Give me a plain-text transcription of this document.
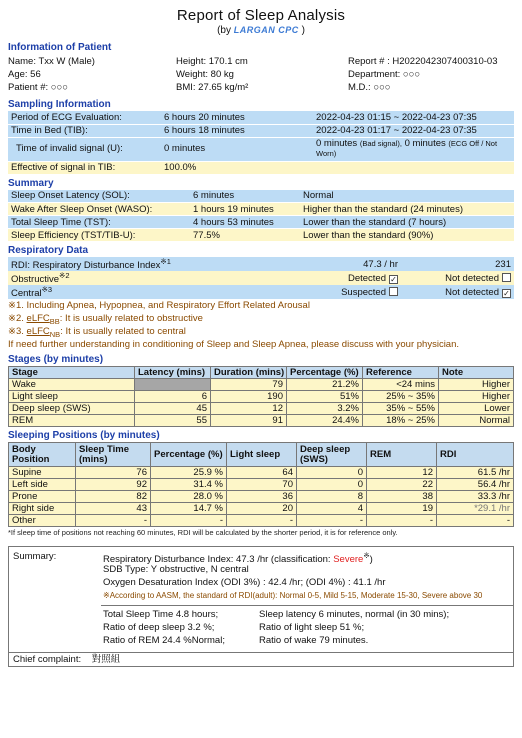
Report of Sleep Analysis
(by LARGAN CPC )
Information of Patient
Name: Txx W (Male)	Height: 170.1 cm	Report # : H2022042307400310-03
Age: 56	Weight: 80 kg	Department: ○○○
Patient #: ○○○	BMI: 27.65 kg/m²	M.D.: ○○○
Sampling Information
Period of ECG Evaluation:	6 hours 20 minutes	2022-04-23 01:15 ~ 2022-04-23 07:35
Time in Bed (TIB):	6 hours 18 minutes	2022-04-23 01:17 ~ 2022-04-23 07:35
Time of invalid signal (U):	0 minutes	0 minutes (Bad signal), 0 minutes (ECG Off / Not
Worn)
Effective of signal in TIB:	100.0%	
Summary
Sleep Onset Latency (SOL):	6 minutes	Normal
Wake After Sleep Onset (WASO):	1 hours 19 minutes	Higher than the standard (24 minutes)
Total Sleep Time (TST):	4 hours 53 minutes	Lower than the standard (7 hours)
Sleep Efficiency (TST/TIB-U):	77.5%	Lower than the standard (90%)
Respiratory Data
RDI: Respiratory Disturbance Index$^{※1}$	47.3 / hr	231
Obstructive$^{※2}$	Detected ✓	Not detected
Central$^{※3}$	Suspected	Not detected ✓
※1. Including Apnea, Hypopnea, and Respiratory Effort Related Arousal
※2. eLFC$_{BB}$: It is usually related to obstructive
※3. eLFC$_{NB}$: It is usually related to central
If need further understanding in conditioning of Sleep and Sleep Apnea, please discuss with your physician.
Stages (by minutes)
Stage	Latency (mins)	Duration (mins)	Percentage (%)	Reference	Note
Wake		79	21.2%	<24 mins	Higher
Light sleep	6	190	51%	25% ~ 35%	Higher
Deep sleep (SWS)	45	12	3.2%	35% ~ 55%	Lower
REM	55	91	24.4%	18% ~ 25%	Normal
Sleeping Positions (by minutes)
Body Position	Sleep Time (mins)	Percentage (%)	Light sleep	Deep sleep (SWS)	REM	RDI
Supine	76	25.9 %	64	0	12	61.5 /hr
Left side	92	31.4 %	70	0	22	56.4 /hr
Prone	82	28.0 %	36	8	38	33.3 /hr
Right side	43	14.7 %	20	4	19	*29.1 /hr
Other	-	-	-	-	-	-
*If sleep time of positions not reaching 60 minutes, RDI will be calculated by the shorter period, it is for reference only.
Summary:	Respiratory Disturbance Index: 47.3 /hr (classification: Severe※)
SDB Type: Y obstructive, N central
Oxygen Desaturation Index (ODI 3%) : 42.4 /hr; (ODI 4%) : 41.1 /hr
※According to AASM, the standard of RDI(adult): Normal 0-5, Mild 5-15, Moderate 15-30, Severe above 30
Total Sleep Time 4.8 hours;	Sleep latency 6 minutes, normal (in 30 mins);
Ratio of deep sleep 3.2 %;	Ratio of light sleep 51 %;
Ratio of REM 24.4 %Normal;	Ratio of wake 79 minutes.
Chief complaint: 對照組
